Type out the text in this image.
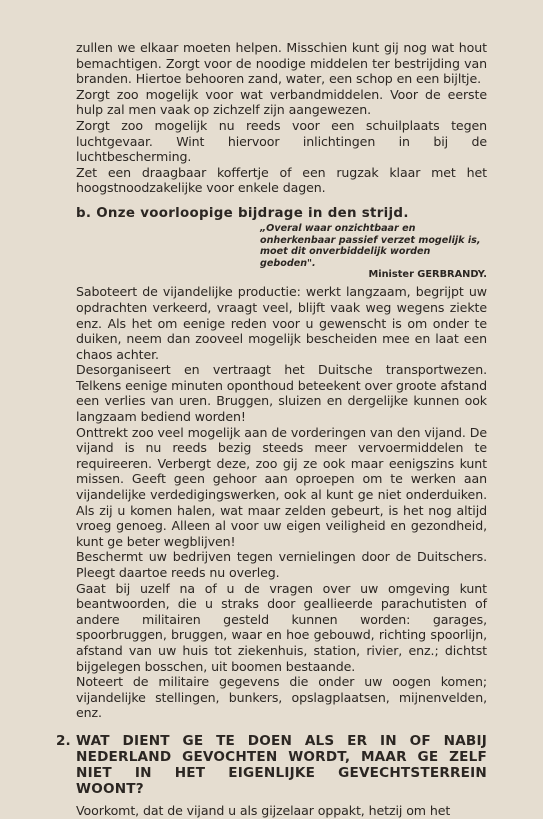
zullen we elkaar moeten helpen. Misschien kunt gij nog wat hout bemachtigen. Zorgt voor de noodige middelen ter bestrijding van branden. Hiertoe behooren zand, water, een schop en een bijltje.

Zorgt zoo mogelijk voor wat verbandmiddelen. Voor de eerste hulp zal men vaak op zichzelf zijn aangewezen.

Zorgt zoo mogelijk nu reeds voor een schuilplaats tegen luchtgevaar. Wint hiervoor inlichtingen in bij de luchtbescherming.

Zet een draagbaar koffertje of een rugzak klaar met het hoogstnoodzakelijke voor enkele dagen.

b. Onze voorloopige bijdrage in den strijd.
„Overal waar onzichtbaar en onherkenbaar passief verzet mogelijk is, moet dit onverbiddelijk worden geboden".
Minister GERBRANDY.

Saboteert de vijandelijke productie: werkt langzaam, begrijpt uw opdrachten verkeerd, vraagt veel, blijft vaak weg wegens ziekte enz. Als het om eenige reden voor u gewenscht is om onder te duiken, neem dan zooveel mogelijk bescheiden mee en laat een chaos achter.

Desorganiseert en vertraagt het Duitsche transportwezen. Telkens eenige minuten oponthoud beteekent over groote afstand een verlies van uren. Bruggen, sluizen en dergelijke kunnen ook langzaam bediend worden!

Onttrekt zoo veel mogelijk aan de vorderingen van den vijand. De vijand is nu reeds bezig steeds meer vervoermiddelen te requireeren. Verbergt deze, zoo gij ze ook maar eenigszins kunt missen. Geeft geen gehoor aan oproepen om te werken aan vijandelijke verdedigingswerken, ook al kunt ge niet onderduiken. Als zij u komen halen, wat maar zelden gebeurt, is het nog altijd vroeg genoeg. Alleen al voor uw eigen veiligheid en gezondheid, kunt ge beter wegblijven!

Beschermt uw bedrijven tegen vernielingen door de Duitschers. Pleegt daartoe reeds nu overleg.

Gaat bij uzelf na of u de vragen over uw omgeving kunt beantwoorden, die u straks door geallieerde parachutisten of andere militairen gesteld kunnen worden: garages, spoorbruggen, bruggen, waar en hoe gebouwd, richting spoorlijn, afstand van uw huis tot ziekenhuis, station, rivier, enz.; dichtst bijgelegen bosschen, uit boomen bestaande.

Noteert de militaire gegevens die onder uw oogen komen; vijandelijke stellingen, bunkers, opslagplaatsen, mijnenvelden, enz.

2. WAT DIENT GE TE DOEN ALS ER IN OF NABIJ NEDERLAND GEVOCHTEN WORDT, MAAR GE ZELF NIET IN HET EIGENLIJKE GEVECHTSTERREIN WOONT?

Voorkomt, dat de vijand u als gijzelaar oppakt, hetzij om het
